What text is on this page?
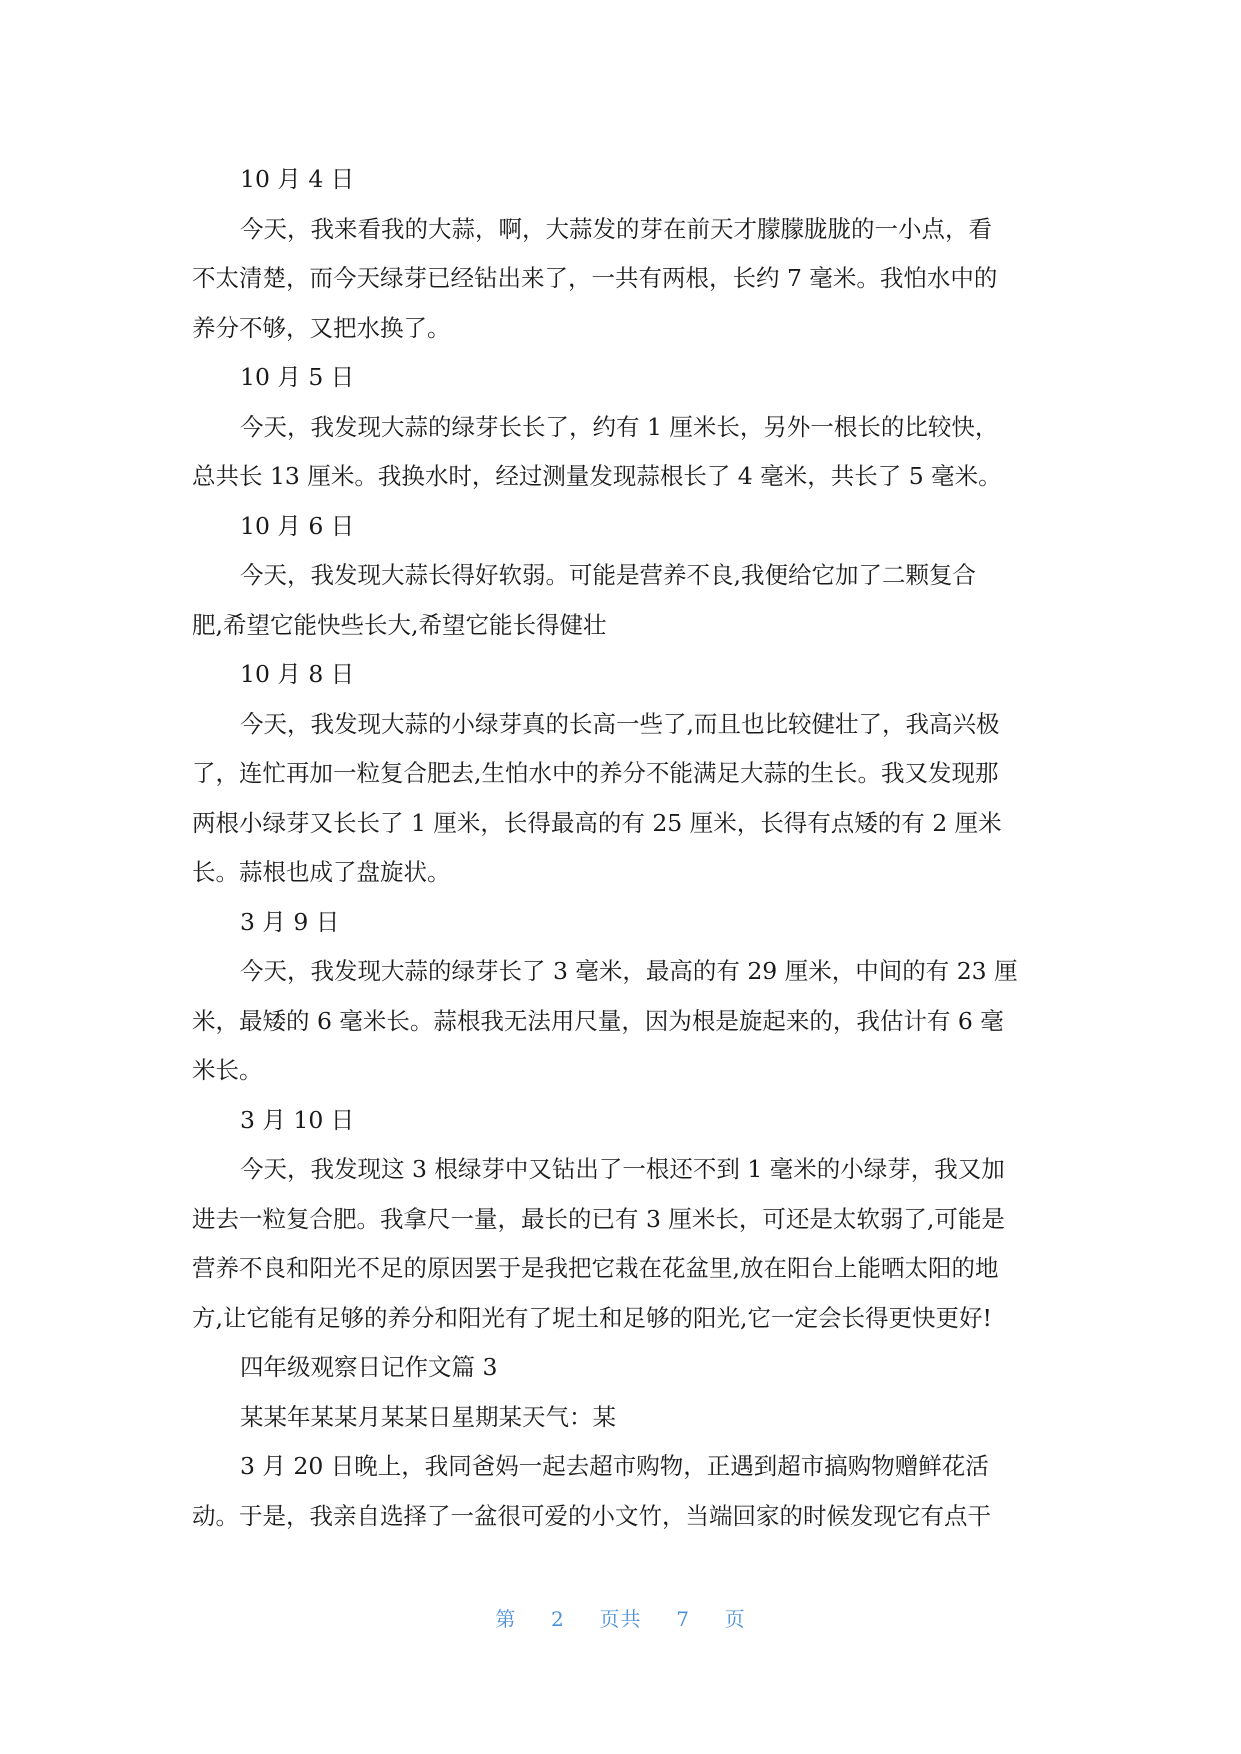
10 月 4 日

今天，我来看我的大蒜，啊，大蒜发的芽在前天才朦朦胧胧的一小点，看

不太清楚，而今天绿芽已经钻出来了，一共有两根，长约 7 毫米。我怕水中的

养分不够，又把水换了。

10 月 5 日

今天，我发现大蒜的绿芽长长了，约有 1 厘米长，另外一根长的比较快，

总共长 13 厘米。我换水时，经过测量发现蒜根长了 4 毫米，共长了 5 毫米。

10 月 6 日

今天，我发现大蒜长得好软弱。可能是营养不良,我便给它加了二颗复合

肥,希望它能快些长大,希望它能长得健壮

10 月 8 日

今天，我发现大蒜的小绿芽真的长高一些了,而且也比较健壮了，我高兴极

了，连忙再加一粒复合肥去,生怕水中的养分不能满足大蒜的生长。我又发现那

两根小绿芽又长长了 1 厘米，长得最高的有 25 厘米，长得有点矮的有 2 厘米

长。蒜根也成了盘旋状。

3 月 9 日

今天，我发现大蒜的绿芽长了 3 毫米，最高的有 29 厘米，中间的有 23 厘

米，最矮的 6 毫米长。蒜根我无法用尺量，因为根是旋起来的，我估计有 6 毫

米长。

3 月 10 日

今天，我发现这 3 根绿芽中又钻出了一根还不到 1 毫米的小绿芽，我又加

进去一粒复合肥。我拿尺一量，最长的已有 3 厘米长，可还是太软弱了,可能是

营养不良和阳光不足的原因罢于是我把它栽在花盆里,放在阳台上能晒太阳的地

方,让它能有足够的养分和阳光有了坭土和足够的阳光,它一定会长得更快更好!

四年级观察日记作文篇 3

某某年某某月某某日星期某天气：某

3 月 20 日晚上，我同爸妈一起去超市购物，正遇到超市搞购物赠鲜花活

动。于是，我亲自选择了一盆很可爱的小文竹，当端回家的时候发现它有点干

第 2 页共 7 页
